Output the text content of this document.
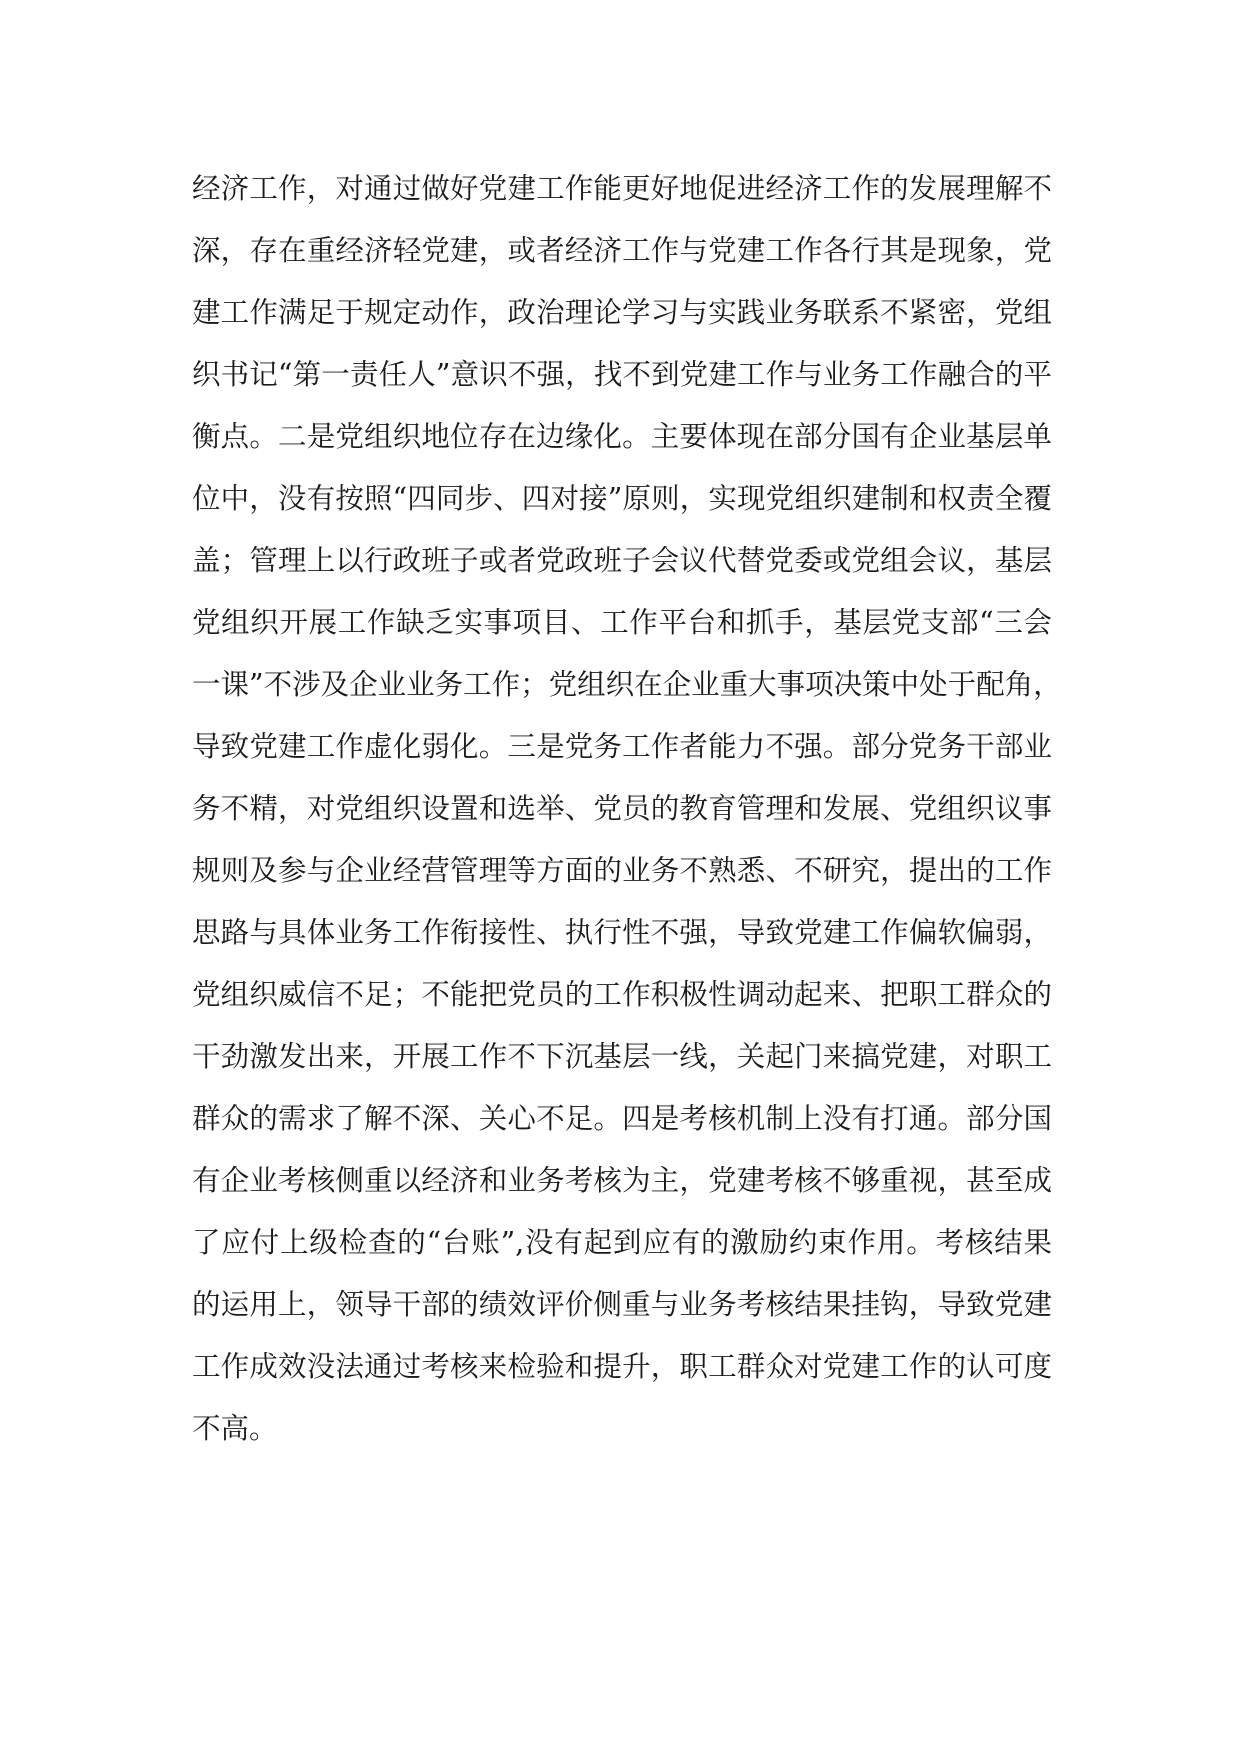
经济工作，对通过做好党建工作能更好地促进经济工作的发展理解不
深，存在重经济轻党建，或者经济工作与党建工作各行其是现象，党
建工作满足于规定动作，政治理论学习与实践业务联系不紧密，党组
织书记“第一责任人”意识不强，找不到党建工作与业务工作融合的平
衡点。二是党组织地位存在边缘化。主要体现在部分国有企业基层单
位中，没有按照“四同步、四对接”原则，实现党组织建制和权责全覆
盖；管理上以行政班子或者党政班子会议代替党委或党组会议，基层
党组织开展工作缺乏实事项目、工作平台和抓手，基层党支部“三会
一课”不涉及企业业务工作；党组织在企业重大事项决策中处于配角，
导致党建工作虚化弱化。三是党务工作者能力不强。部分党务干部业
务不精，对党组织设置和选举、党员的教育管理和发展、党组织议事
规则及参与企业经营管理等方面的业务不熟悉、不研究，提出的工作
思路与具体业务工作衔接性、执行性不强，导致党建工作偏软偏弱，
党组织威信不足；不能把党员的工作积极性调动起来、把职工群众的
干劲激发出来，开展工作不下沉基层一线，关起门来搞党建，对职工
群众的需求了解不深、关心不足。四是考核机制上没有打通。部分国
有企业考核侧重以经济和业务考核为主，党建考核不够重视，甚至成
了应付上级检查的“台账”,没有起到应有的激励约束作用。考核结果
的运用上，领导干部的绩效评价侧重与业务考核结果挂钩，导致党建
工作成效没法通过考核来检验和提升，职工群众对党建工作的认可度
不高。
